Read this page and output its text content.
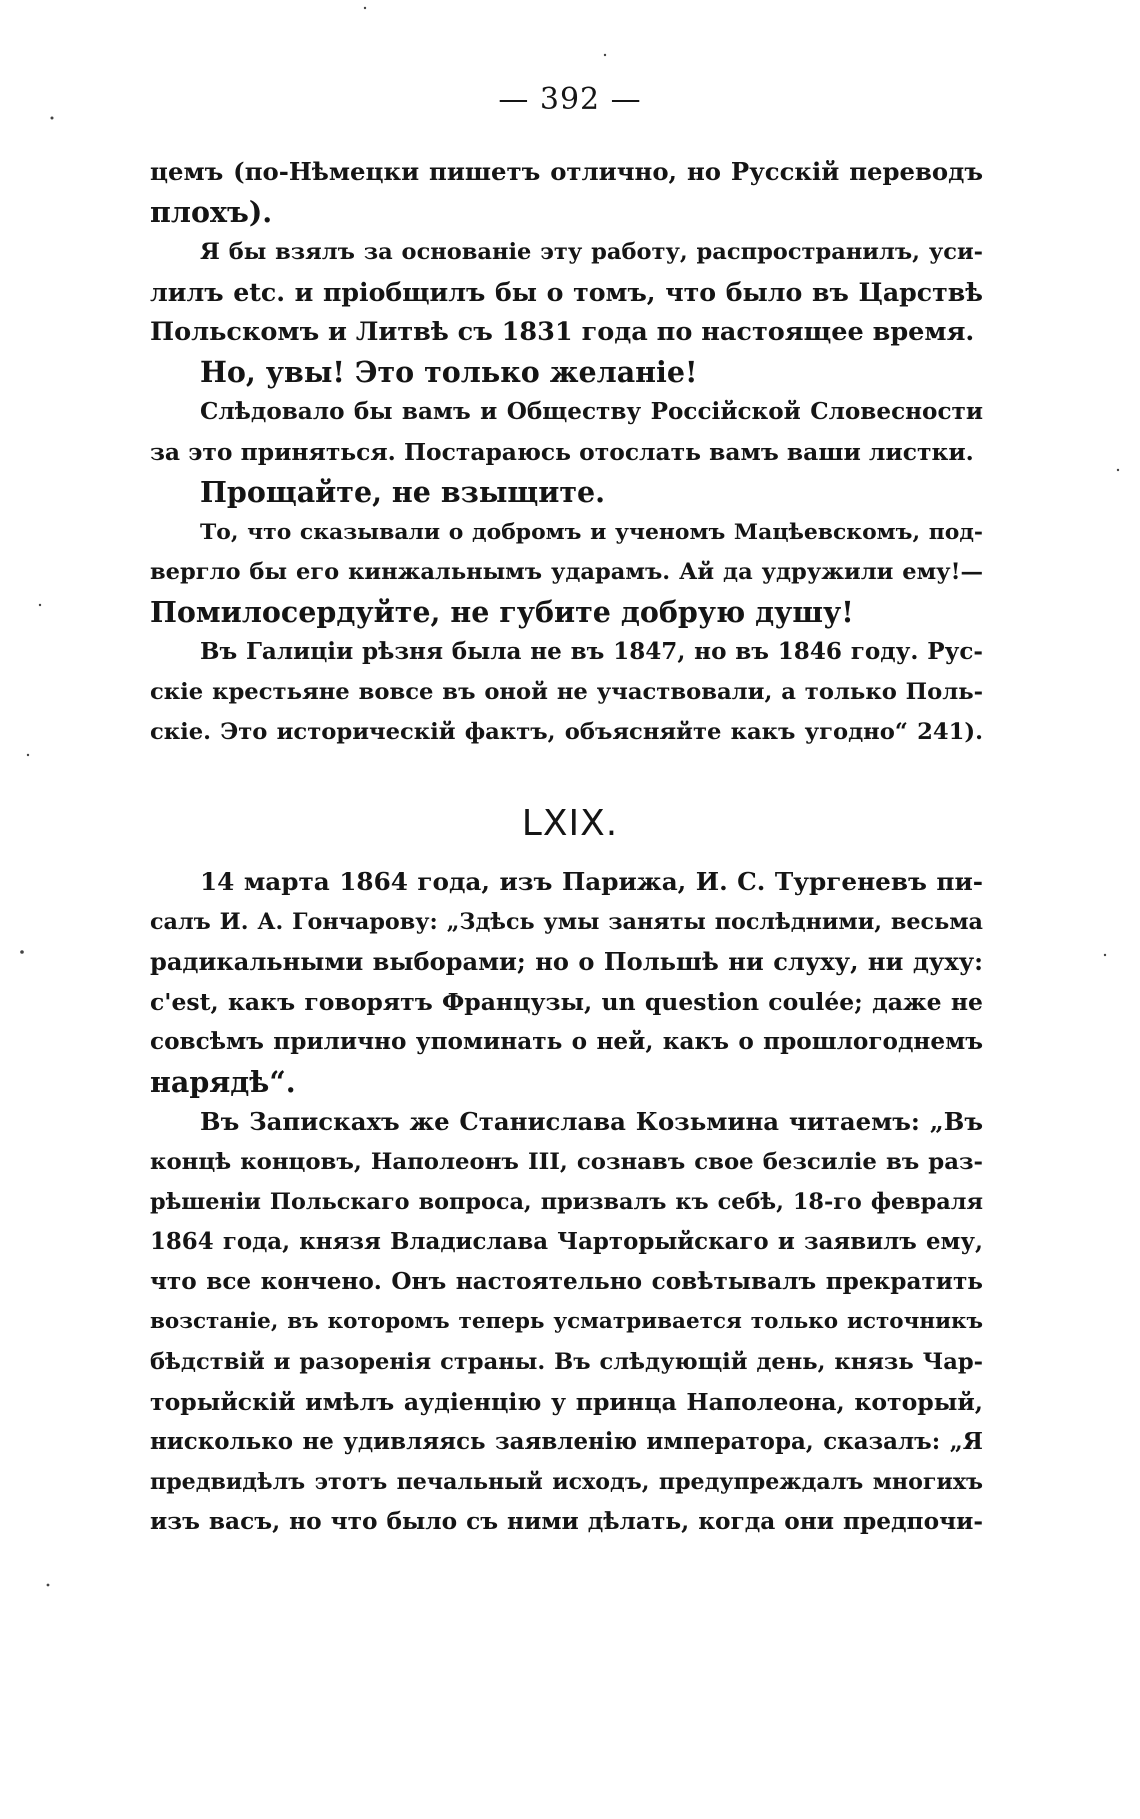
— 392 —
цемъ (по-Нѣмецки пишетъ отлично, но Русскій переводъ
плохъ).
Я бы взялъ за основаніе эту работу, распространилъ, уси-
лилъ etc. и пріобщилъ бы о томъ, что было въ Царствѣ
Польскомъ и Литвѣ съ 1831 года по настоящее время.
Но, увы! Это только желаніе!
Слѣдовало бы вамъ и Обществу Россійской Словесности
за это приняться. Постараюсь отослать вамъ ваши листки.
Прощайте, не взыщите.
То, что сказывали о добромъ и ученомъ Мацѣевскомъ, под-
вергло бы его кинжальнымъ ударамъ. Ай да удружили ему!—
Помилосердуйте, не губите добрую душу!
Въ Галиціи рѣзня была не въ 1847, но въ 1846 году. Рус-
скіе крестьяне вовсе въ оной не участвовали, а только Поль-
скіе. Это историческій фактъ, объясняйте какъ угодно“ 241).
LXIX.
14 марта 1864 года, изъ Парижа, И. С. Тургеневъ пи-
салъ И. А. Гончарову: „Здѣсь умы заняты послѣдними, весьма
радикальными выборами; но о Польшѣ ни слуху, ни духу:
c'est, какъ говорятъ Французы, un question coulée; даже не
совсѣмъ прилично упоминать о ней, какъ о прошлогоднемъ
нарядѣ“.
Въ Запискахъ же Станислава Козьмина читаемъ: „Въ
концѣ концовъ, Наполеонъ III, сознавъ свое безсиліе въ раз-
рѣшеніи Польскаго вопроса, призвалъ къ себѣ, 18-го февраля
1864 года, князя Владислава Чарторыйскаго и заявилъ ему,
что все кончено. Онъ настоятельно совѣтывалъ прекратить
возстаніе, въ которомъ теперь усматривается только источникъ
бѣдствій и разоренія страны. Въ слѣдующій день, князь Чар-
торыйскій имѣлъ аудіенцію у принца Наполеона, который,
нисколько не удивляясь заявленію императора, сказалъ: „Я
предвидѣлъ этотъ печальный исходъ, предупреждалъ многихъ
изъ васъ, но что было съ ними дѣлать, когда они предпочи-
